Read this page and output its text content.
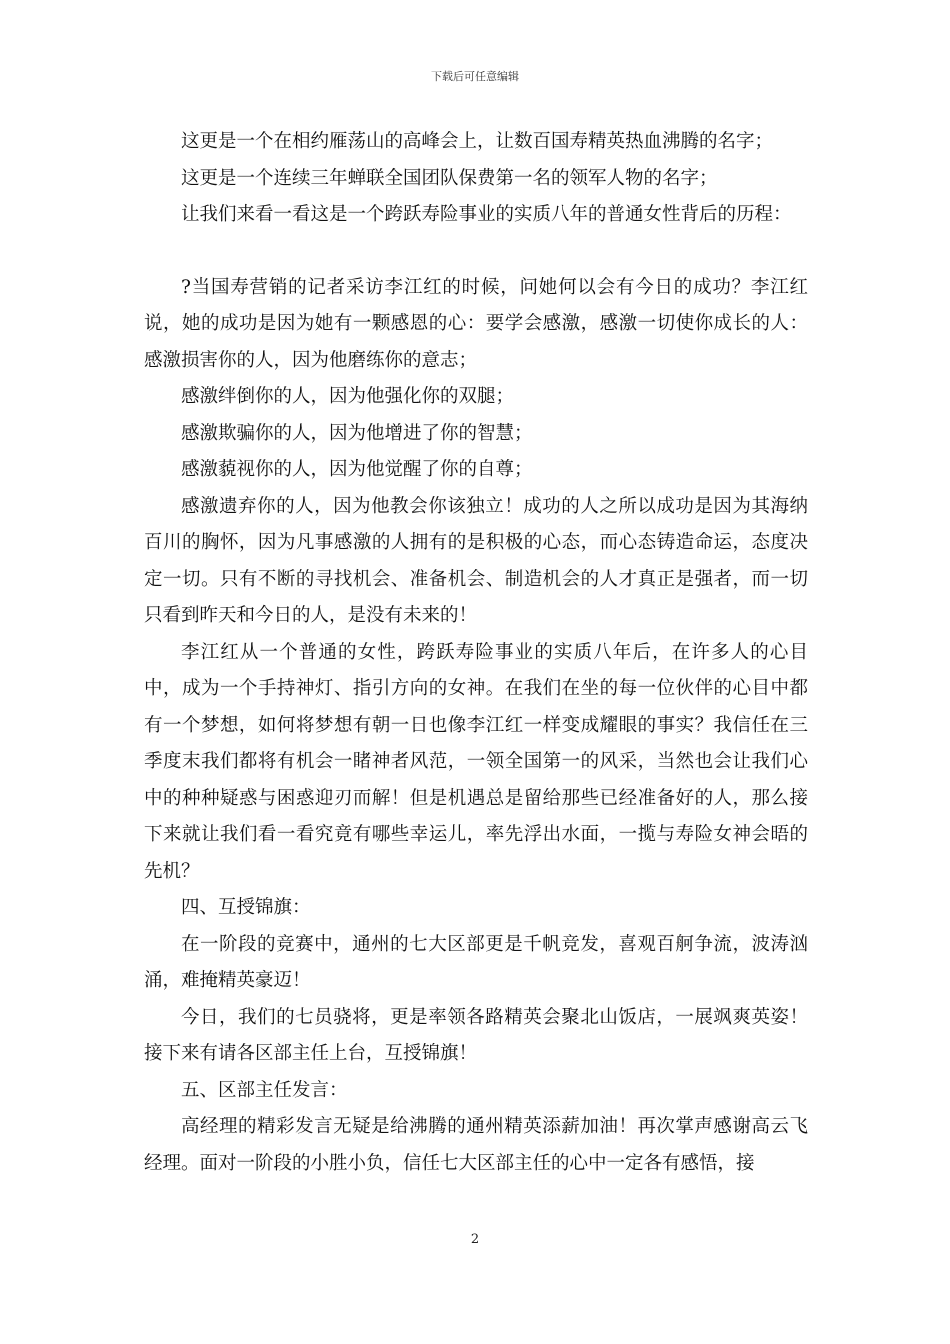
下载后可任意编辑

这更是一个在相约雁荡山的高峰会上，让数百国寿精英热血沸腾的名字；

这更是一个连续三年蝉联全国团队保费第一名的领军人物的名字；

让我们来看一看这是一个跨跃寿险事业的实质八年的普通女性背后的历程：

?当国寿营销的记者采访李江红的时候，问她何以会有今日的成功？李江红说，她的成功是因为她有一颗感恩的心：要学会感激，感激一切使你成长的人：感激损害你的人，因为他磨练你的意志；

感激绊倒你的人，因为他强化你的双腿；

感激欺骗你的人，因为他增进了你的智慧；

感激藐视你的人，因为他觉醒了你的自尊；

感激遗弃你的人，因为他教会你该独立！成功的人之所以成功是因为其海纳百川的胸怀，因为凡事感激的人拥有的是积极的心态，而心态铸造命运，态度决定一切。只有不断的寻找机会、准备机会、制造机会的人才真正是强者，而一切只看到昨天和今日的人，是没有未来的！

李江红从一个普通的女性，跨跃寿险事业的实质八年后，在许多人的心目中，成为一个手持神灯、指引方向的女神。在我们在坐的每一位伙伴的心目中都有一个梦想，如何将梦想有朝一日也像李江红一样变成耀眼的事实？我信任在三季度末我们都将有机会一睹神者风范，一领全国第一的风采，当然也会让我们心中的种种疑惑与困惑迎刃而解！但是机遇总是留给那些已经准备好的人，那么接下来就让我们看一看究竟有哪些幸运儿，率先浮出水面，一揽与寿险女神会晤的先机？

四、互授锦旗：

在一阶段的竞赛中，通州的七大区部更是千帆竞发，喜观百舸争流，波涛汹涌，难掩精英豪迈！

今日，我们的七员骁将，更是率领各路精英会聚北山饭店，一展飒爽英姿！接下来有请各区部主任上台，互授锦旗！

五、区部主任发言：

高经理的精彩发言无疑是给沸腾的通州精英添薪加油！再次掌声感谢高云飞经理。面对一阶段的小胜小负，信任七大区部主任的心中一定各有感悟，接

2
